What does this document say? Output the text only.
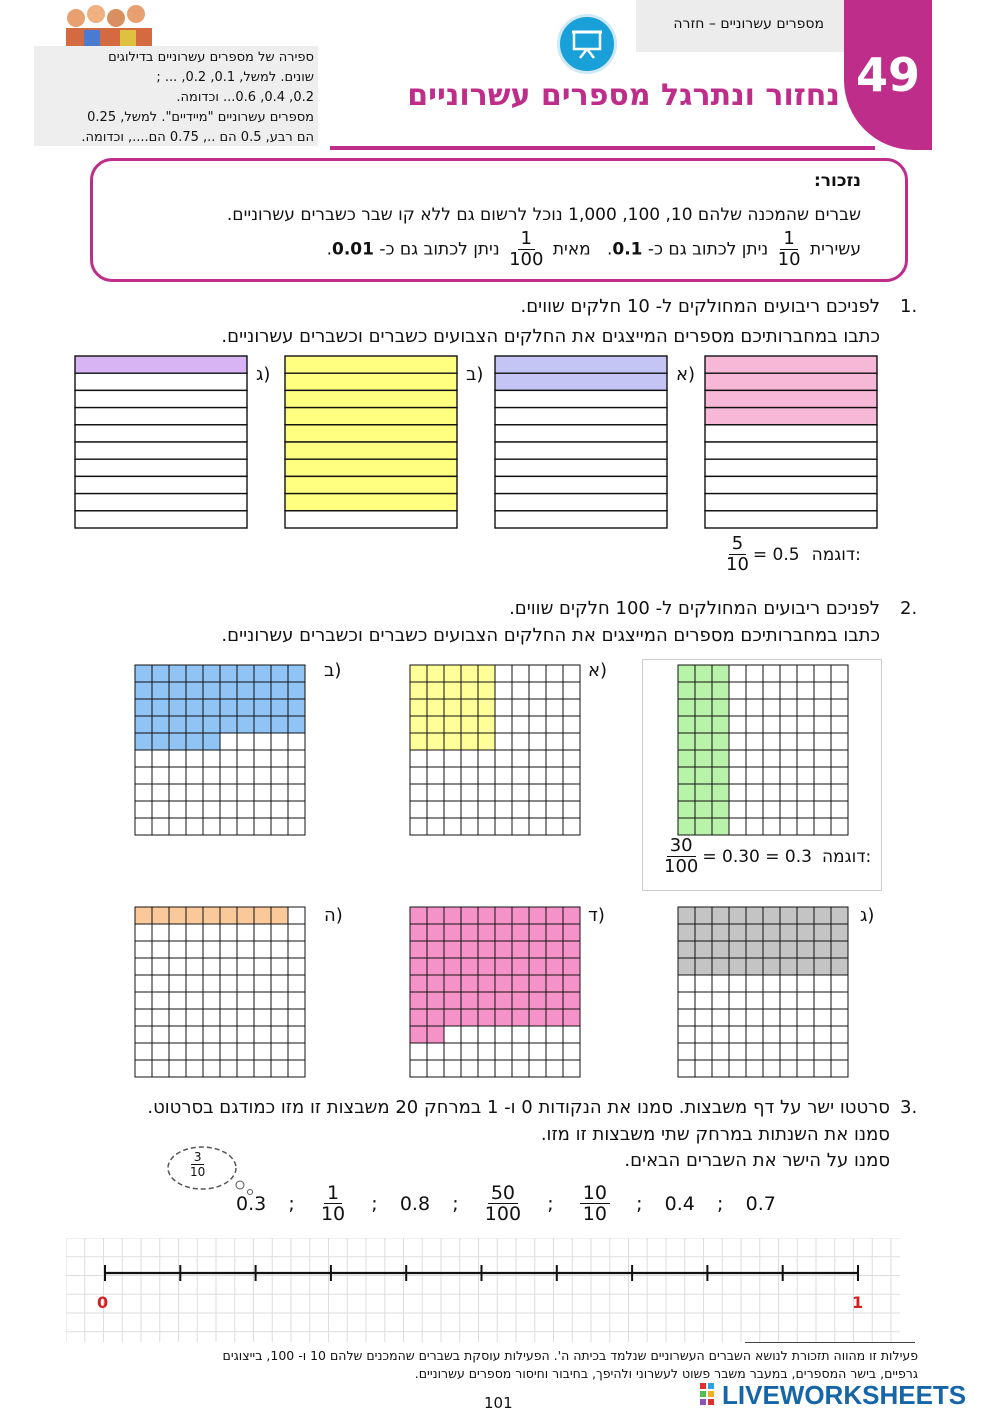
ספירה של מספרים עשרוניים בדילוגים
שונים. למשל, 0.1, 0.2, ... ;
0.2, 0.4, 0.6... וכדומה.
מספרים עשרוניים "מיידיים". למשל, 0.25
הם רבע, 0.5 הם .., 0.75 הם...., וכדומה.
מספרים עשרוניים – חזרה
49
נחזור ונתרגל מספרים עשרוניים
נזכור:
שברים שהמכנה שלהם 10, 100, 1,000 נוכל לרשום גם ללא קו שבר כשברים עשרוניים.
עשירית
$\frac{1}{10}$
ניתן לכתוב גם כ- 0.1.   מאית
$\frac{1}{100}$
ניתן לכתוב גם כ- 0.01.
1.
לפניכם ריבועים המחולקים ל- 10 חלקים שווים.
כתבו במחברותיכם מספרים המייצגים את החלקים הצבועים כשברים וכשברים עשרוניים.
א)
ב)
ג)
$\frac{5}{10} = 0.5$ דוגמה:
2.
לפניכם ריבועים המחולקים ל- 100 חלקים שווים.
כתבו במחברותיכם מספרים המייצגים את החלקים הצבועים כשברים וכשברים עשרוניים.
א)
ב)
ג)
ד)
ה)
$\frac{30}{100} = 0.30 = 0.3$ דוגמה:
3.
סרטטו ישר על דף משבצות. סמנו את הנקודות 0 ו- 1 במרחק 20 משבצות זו מזו כמודגם בסרטוט.
סמנו את השנתות במרחק שתי משבצות זו מזו.
סמנו על הישר את השברים הבאים.
$\frac{3}{10}$
0.3 ; $\frac{1}{10}$ ; 0.8 ; $\frac{50}{100}$ ; $\frac{10}{10}$ ; 0.4 ; 0.7
0	1
פעילות זו מהווה תזכורת לנושא השברים העשרוניים שנלמד בכיתה ה'. הפעילות עוסקת בשברים שהמכנים שלהם 10 ו- 100, בייצוגים
גרפיים, בישר המספרים, במעבר משבר פשוט לעשרוני ולהיפך, בחיבור וחיסור מספרים עשרוניים.
101	LIVEWORKSHEETS
